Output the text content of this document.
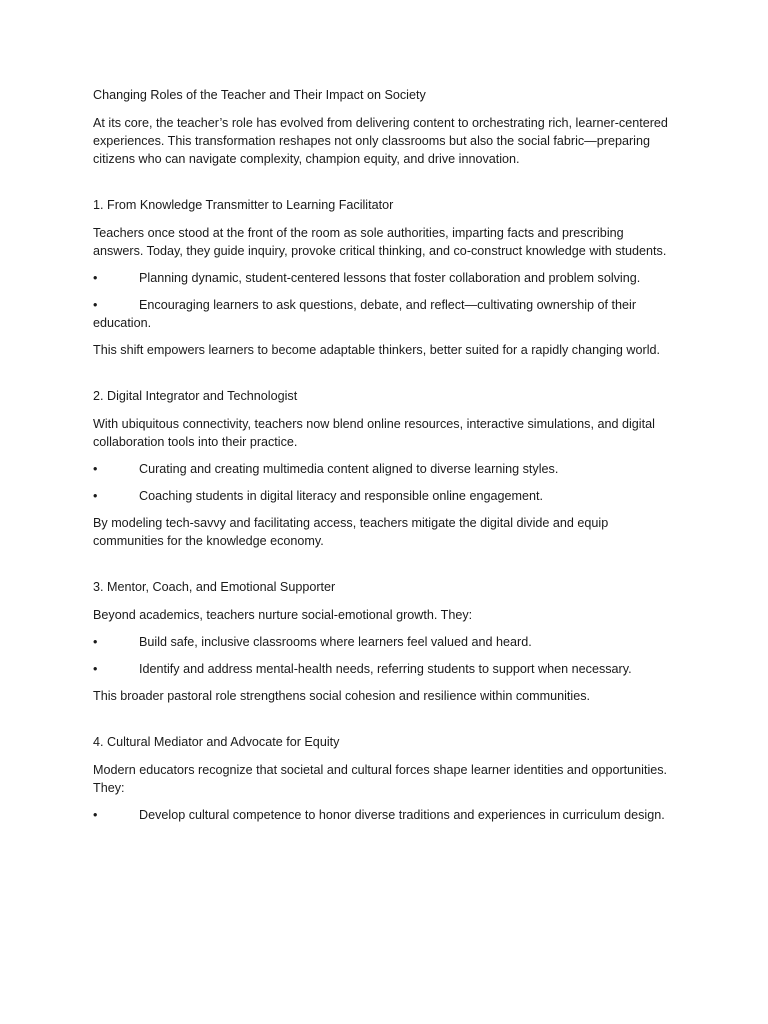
Changing Roles of the Teacher and Their Impact on Society

At its core, the teacher’s role has evolved from delivering content to orchestrating rich, learner-centered experiences. This transformation reshapes not only classrooms but also the social fabric—preparing citizens who can navigate complexity, champion equity, and drive innovation.

1. From Knowledge Transmitter to Learning Facilitator

Teachers once stood at the front of the room as sole authorities, imparting facts and prescribing answers. Today, they guide inquiry, provoke critical thinking, and co-construct knowledge with students.

•	Planning dynamic, student-centered lessons that foster collaboration and problem solving.

•	Encouraging learners to ask questions, debate, and reflect—cultivating ownership of their education.

This shift empowers learners to become adaptable thinkers, better suited for a rapidly changing world.

2. Digital Integrator and Technologist

With ubiquitous connectivity, teachers now blend online resources, interactive simulations, and digital collaboration tools into their practice.

•	Curating and creating multimedia content aligned to diverse learning styles.

•	Coaching students in digital literacy and responsible online engagement.

By modeling tech-savvy and facilitating access, teachers mitigate the digital divide and equip communities for the knowledge economy.

3. Mentor, Coach, and Emotional Supporter

Beyond academics, teachers nurture social-emotional growth. They:

•	Build safe, inclusive classrooms where learners feel valued and heard.

•	Identify and address mental-health needs, referring students to support when necessary.

This broader pastoral role strengthens social cohesion and resilience within communities.

4. Cultural Mediator and Advocate for Equity

Modern educators recognize that societal and cultural forces shape learner identities and opportunities. They:

•	Develop cultural competence to honor diverse traditions and experiences in curriculum design.
